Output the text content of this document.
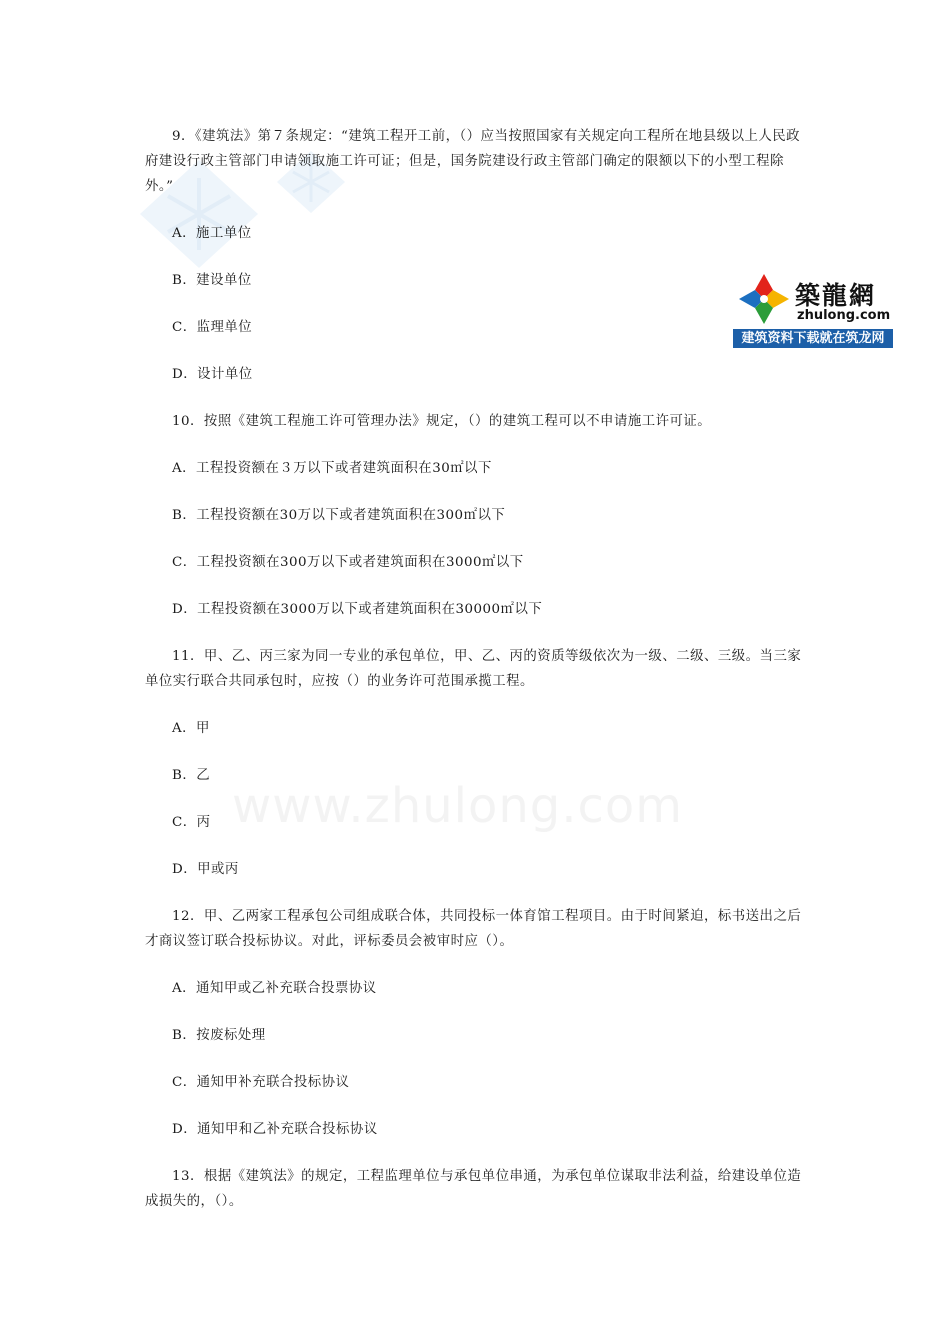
www.zhulong.com
築龍網
zhulong.com
建筑资料下载就在筑龙网

9．《建筑法》第７条规定：“建筑工程开工前，（）应当按照国家有关规定向工程所在地县级以上人民政府建设行政主管部门申请领取施工许可证；但是，国务院建设行政主管部门确定的限额以下的小型工程除外。”

A．施工单位

B．建设单位

C．监理单位

D．设计单位

10．按照《建筑工程施工许可管理办法》规定，（）的建筑工程可以不申请施工许可证。

A．工程投资额在３万以下或者建筑面积在30㎡以下

B．工程投资额在30万以下或者建筑面积在300㎡以下

C．工程投资额在300万以下或者建筑面积在3000㎡以下

D．工程投资额在3000万以下或者建筑面积在30000㎡以下

11．甲、乙、丙三家为同一专业的承包单位，甲、乙、丙的资质等级依次为一级、二级、三级。当三家单位实行联合共同承包时，应按（）的业务许可范围承揽工程。

A．甲

B．乙

C．丙

D．甲或丙

12．甲、乙两家工程承包公司组成联合体，共同投标一体育馆工程项目。由于时间紧迫，标书送出之后才商议签订联合投标协议。对此，评标委员会被审时应（）。

A．通知甲或乙补充联合投票协议

B．按废标处理

C．通知甲补充联合投标协议

D．通知甲和乙补充联合投标协议

13．根据《建筑法》的规定，工程监理单位与承包单位串通，为承包单位谋取非法利益，给建设单位造成损失的，（）。
